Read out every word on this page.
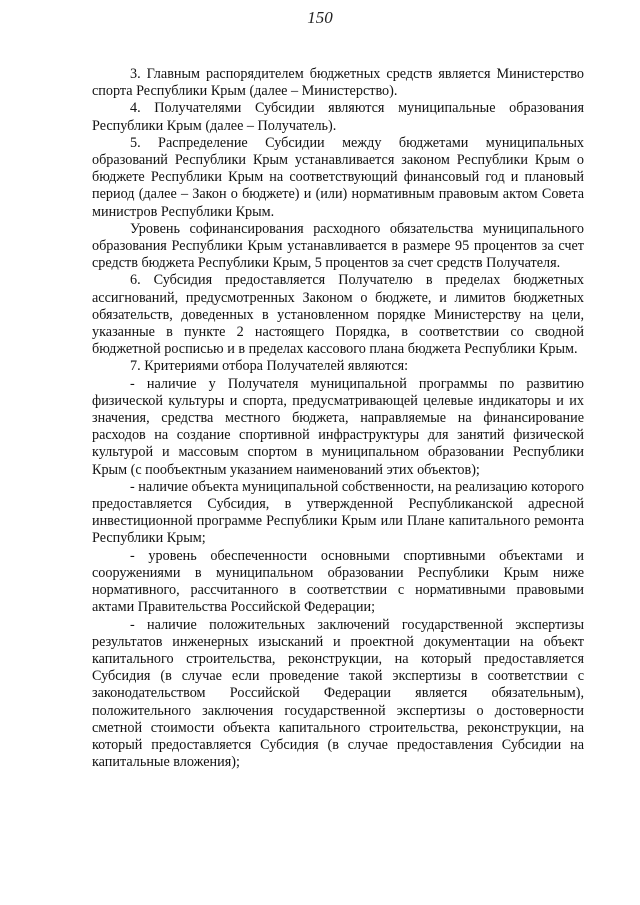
150

3. Главным распорядителем бюджетных средств является Министерство спорта Республики Крым (далее – Министерство).

4. Получателями Субсидии являются муниципальные образования Республики Крым (далее – Получатель).

5. Распределение Субсидии между бюджетами муниципальных образований Республики Крым устанавливается законом Республики Крым о бюджете Республики Крым на соответствующий финансовый год и плановый период (далее – Закон о бюджете) и (или) нормативным правовым актом Совета министров Республики Крым.

Уровень софинансирования расходного обязательства муниципального образования Республики Крым устанавливается в размере 95 процентов за счет средств бюджета Республики Крым, 5 процентов за счет средств Получателя.

6. Субсидия предоставляется Получателю в пределах бюджетных ассигнований, предусмотренных Законом о бюджете, и лимитов бюджетных обязательств, доведенных в установленном порядке Министерству на цели, указанные в пункте 2 настоящего Порядка, в соответствии со сводной бюджетной росписью и в пределах кассового плана бюджета Республики Крым.

7. Критериями отбора Получателей являются:

- наличие у Получателя муниципальной программы по развитию физической культуры и спорта, предусматривающей целевые индикаторы и их значения, средства местного бюджета, направляемые на финансирование расходов на создание спортивной инфраструктуры для занятий физической культурой и массовым спортом в муниципальном образовании Республики Крым (с пообъектным указанием наименований этих объектов);

- наличие объекта муниципальной собственности, на реализацию которого предоставляется Субсидия, в утвержденной Республиканской адресной инвестиционной программе Республики Крым или Плане капитального ремонта Республики Крым;

- уровень обеспеченности основными спортивными объектами и сооружениями в муниципальном образовании Республики Крым ниже нормативного, рассчитанного в соответствии с нормативными правовыми актами Правительства Российской Федерации;

- наличие положительных заключений государственной экспертизы результатов инженерных изысканий и проектной документации на объект капитального строительства, реконструкции, на который предоставляется Субсидия (в случае если проведение такой экспертизы в соответствии с законодательством Российской Федерации является обязательным), положительного заключения государственной экспертизы о достоверности сметной стоимости объекта капитального строительства, реконструкции, на который предоставляется Субсидия (в случае предоставления Субсидии на капитальные вложения);
